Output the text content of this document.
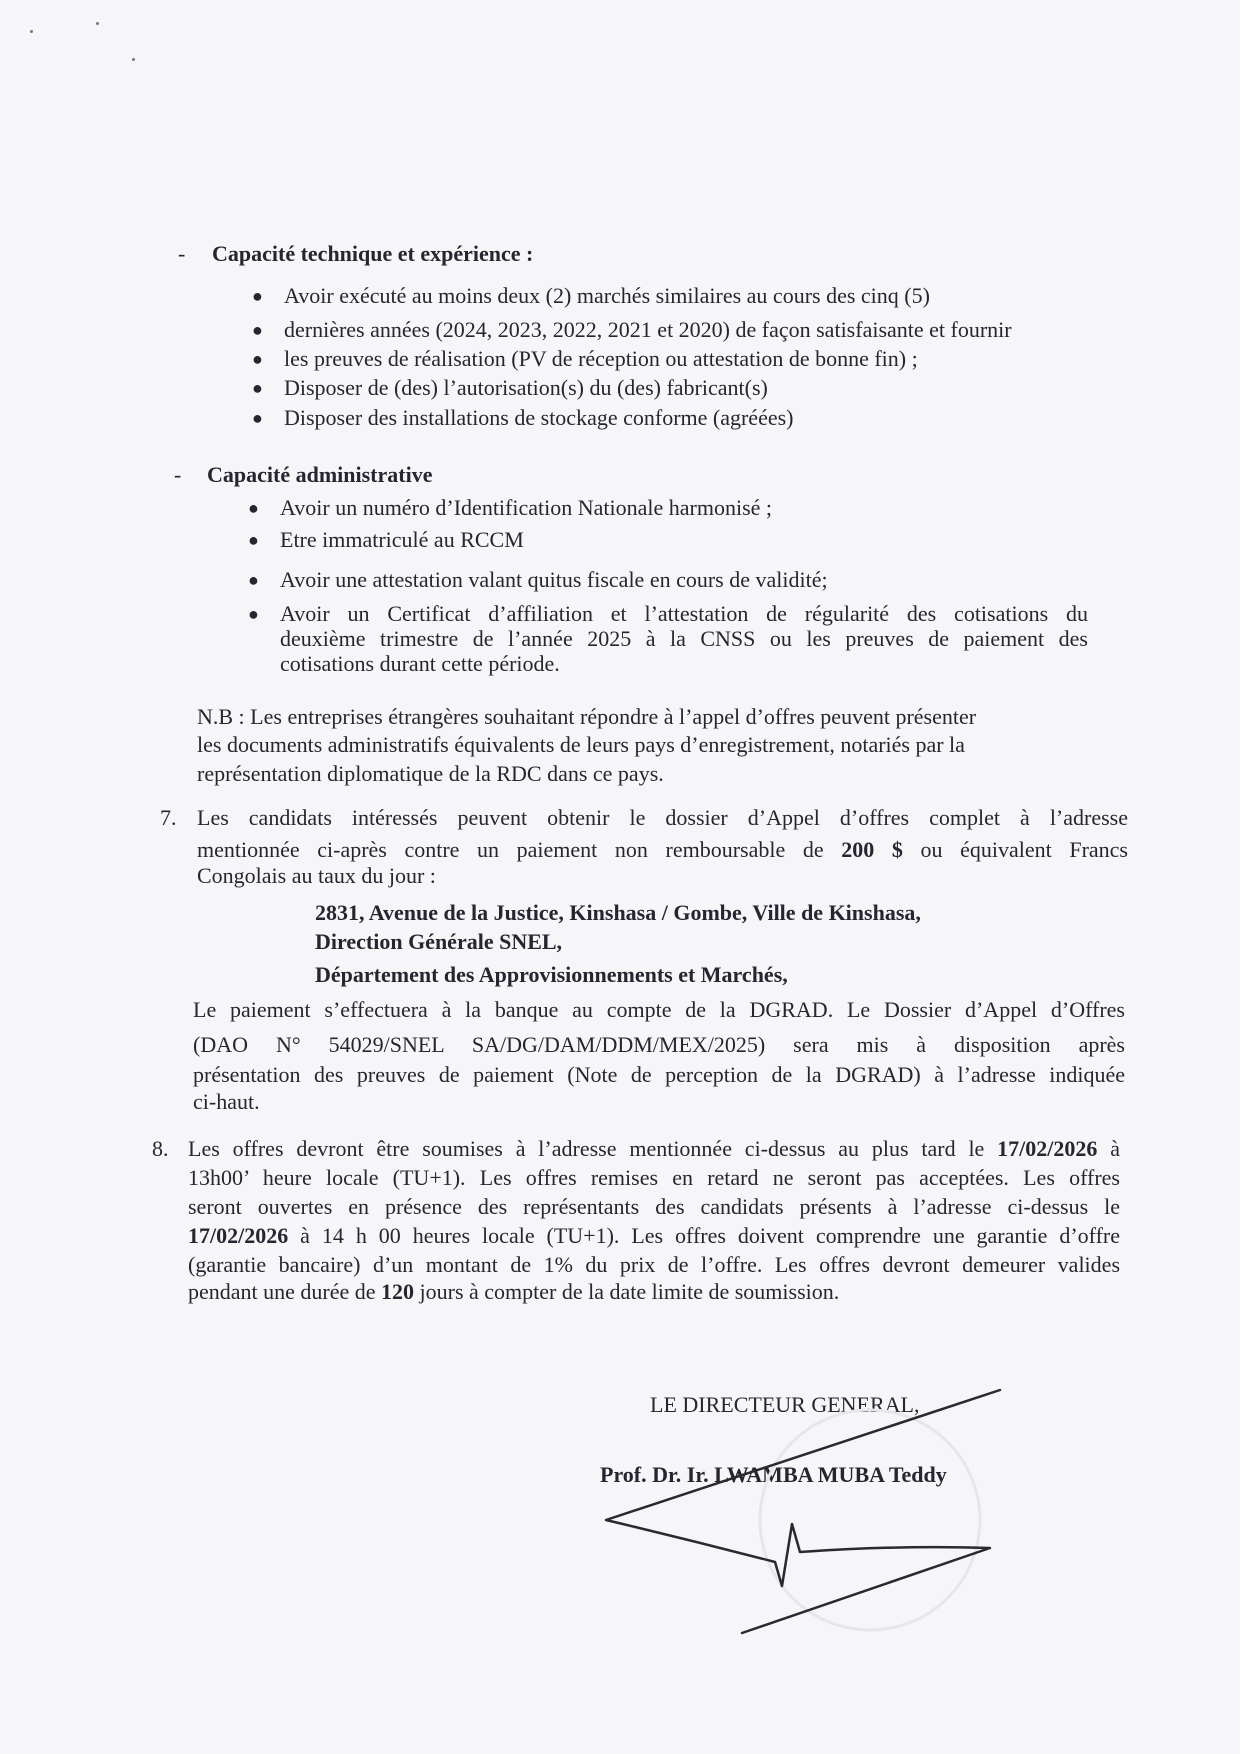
- Capacité technique et expérience :
● Avoir exécuté au moins deux (2) marchés similaires au cours des cinq (5)
● dernières années (2024, 2023, 2022, 2021 et 2020) de façon satisfaisante et fournir
● les preuves de réalisation (PV de réception ou attestation de bonne fin) ;
● Disposer de (des) l’autorisation(s) du (des) fabricant(s)
● Disposer des installations de stockage conforme (agréées)
- Capacité administrative
● Avoir un numéro d’Identification Nationale harmonisé ;
● Etre immatriculé au RCCM
● Avoir une attestation valant quitus fiscale en cours de validité;
● Avoir un Certificat d’affiliation et l’attestation de régularité des cotisations du
deuxième trimestre de l’année 2025 à la CNSS ou les preuves de paiement des
cotisations durant cette période.
N.B : Les entreprises étrangères souhaitant répondre à l’appel d’offres peuvent présenter
les documents administratifs équivalents de leurs pays d’enregistrement, notariés par la
représentation diplomatique de la RDC dans ce pays.
7. Les candidats intéressés peuvent obtenir le dossier d’Appel d’offres complet à l’adresse
mentionnée ci-après contre un paiement non remboursable de 200 $ ou équivalent Francs
Congolais au taux du jour :
2831, Avenue de la Justice, Kinshasa / Gombe, Ville de Kinshasa,
Direction Générale SNEL,
Département des Approvisionnements et Marchés,
Le paiement s’effectuera à la banque au compte de la DGRAD. Le Dossier d’Appel d’Offres
(DAO N° 54029/SNEL SA/DG/DAM/DDM/MEX/2025) sera mis à disposition après
présentation des preuves de paiement (Note de perception de la DGRAD) à l’adresse indiquée
ci-haut.
8. Les offres devront être soumises à l’adresse mentionnée ci-dessus au plus tard le 17/02/2026 à
13h00’ heure locale (TU+1). Les offres remises en retard ne seront pas acceptées. Les offres
seront ouvertes en présence des représentants des candidats présents à l’adresse ci-dessus le
17/02/2026 à 14 h 00 heures locale (TU+1). Les offres doivent comprendre une garantie d’offre
(garantie bancaire) d’un montant de 1% du prix de l’offre. Les offres devront demeurer valides
pendant une durée de 120 jours à compter de la date limite de soumission.
LE DIRECTEUR GENERAL,
Prof. Dr. Ir. LWAMBA MUBA Teddy
